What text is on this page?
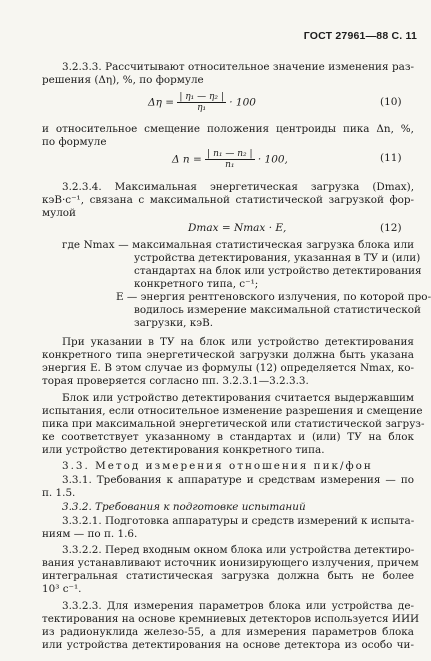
ГОСТ 27961—88 С. 11
3.2.3.3. Рассчитывают относительное значение изменения раз-
решения (Δη), %, по формуле
$\Delta\eta = \frac{\text{| η₁ — η₂ |}}{\text{η₁}} \cdot 100$	(10)
и относительное смещение положения центроиды пика Δn, %,
по формуле
Δ $n = \frac{\text{| n₁ — n₂ |}}{\text{n₁}} \cdot 100$,	(11)
3.2.3.4. Максимальная энергетическая загрузка (Dmax),
кэВ·с⁻¹, связана с максимальной статистической загрузкой фор-
мулой
Dmax = Nmax · E,	(12)
где Nmax — максимальная статистическая загрузка блока или
устройства детектирования, указанная в ТУ и (или)
стандартах на блок или устройство детектирования
конкретного типа, с⁻¹;
E — энергия рентгеновского излучения, по которой про-
водилось измерение максимальной статистической
загрузки, кэВ.
При указании в ТУ на блок или устройство детектирования
конкретного типа энергетической загрузки должна быть указана
энергия E. В этом случае из формулы (12) определяется Nmax, ко-
торая проверяется согласно пп. 3.2.3.1—3.2.3.3.
Блок или устройство детектирования считается выдержавшим
испытания, если относительное изменение разрешения и смещение
пика при максимальной энергетической или статистической загруз-
ке соответствует указанному в стандартах и (или) ТУ на блок
или устройство детектирования конкретного типа.
3.3. Метод измерения отношения пик/фон
3.3.1. Требования к аппаратуре и средствам измерения — по
п. 1.5.
3.3.2. Требования к подготовке испытаний
3.3.2.1. Подготовка аппаратуры и средств измерений к испыта-
ниям — по п. 1.6.
3.3.2.2. Перед входным окном блока или устройства детектиро-
вания устанавливают источник ионизирующего излучения, причем
интегральная статистическая загрузка должна быть не более
10³ с⁻¹.
3.3.2.3. Для измерения параметров блока или устройства де-
тектирования на основе кремниевых детекторов используется ИИИ
из радионуклида железо-55, а для измерения параметров блока
или устройства детектирования на основе детектора из особо чи-
